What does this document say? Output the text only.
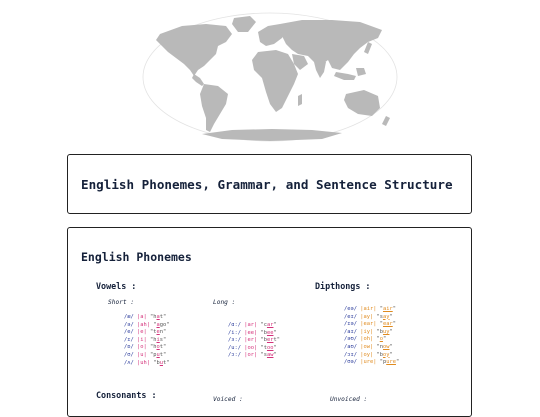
English Phonemes, Grammar, and Sentence Structure
English Phonemes
Vowels :
Short :	Long :
Dipthongs :
/æ/ |a| "hat"
/ə/ |ah| "ago"
/e/ |e| "ten"
/ɪ/ |i| "his"
/ɒ/ |o| "hot"
/ʊ/ |u| "put"
/ʌ/ |uh| "but"
/ɑː/ |ar| "car"
/iː/ |ee| "bee"
/ɜː/ |er| "bert"
/uː/ |oo| "too"
/ɔː/ |or| "saw"
/eə/ |air| "air"
/eɪ/ |ay| "say"
/ɪə/ |ear| "ear"
/aɪ/ |iy| "buy"
/əʊ/ |oh| "o"
/aʊ/ |ow| "now"
/ɔɪ/ |oy| "boy"
/ʊə/ |ure| "pure"
Consonants :	Voiced :	Unvoiced :
